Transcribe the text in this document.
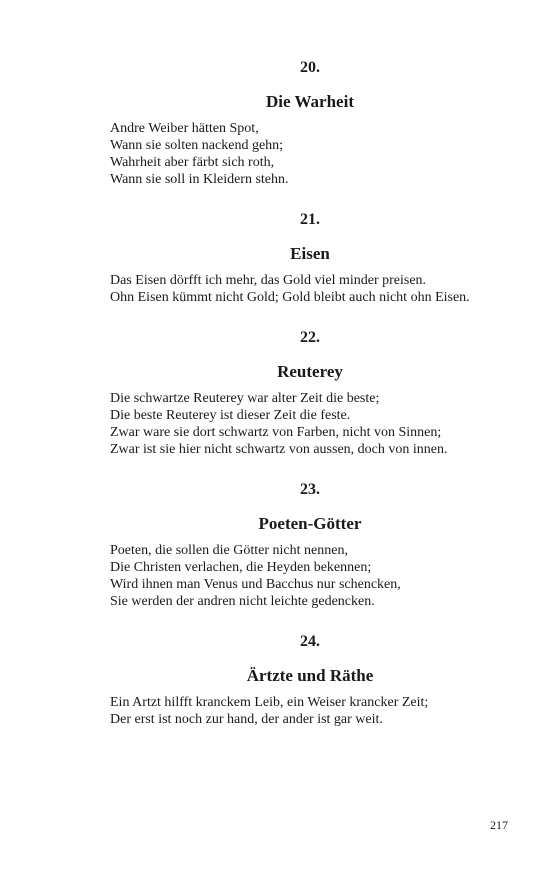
20.
Die Warheit
Andre Weiber hätten Spot,
Wann sie solten nackend gehn;
Wahrheit aber färbt sich roth,
Wann sie soll in Kleidern stehn.
21.
Eisen
Das Eisen dörfft ich mehr, das Gold viel minder preisen.
Ohn Eisen kümmt nicht Gold; Gold bleibt auch nicht ohn Eisen.
22.
Reuterey
Die schwartze Reuterey war alter Zeit die beste;
Die beste Reuterey ist dieser Zeit die feste.
Zwar ware sie dort schwartz von Farben, nicht von Sinnen;
Zwar ist sie hier nicht schwartz von aussen, doch von innen.
23.
Poeten-Götter
Poeten, die sollen die Götter nicht nennen,
Die Christen verlachen, die Heyden bekennen;
Wird ihnen man Venus und Bacchus nur schencken,
Sie werden der andren nicht leichte gedencken.
24.
Ärtzte und Räthe
Ein Artzt hilfft kranckem Leib, ein Weiser krancker Zeit;
Der erst ist noch zur hand, der ander ist gar weit.
217
